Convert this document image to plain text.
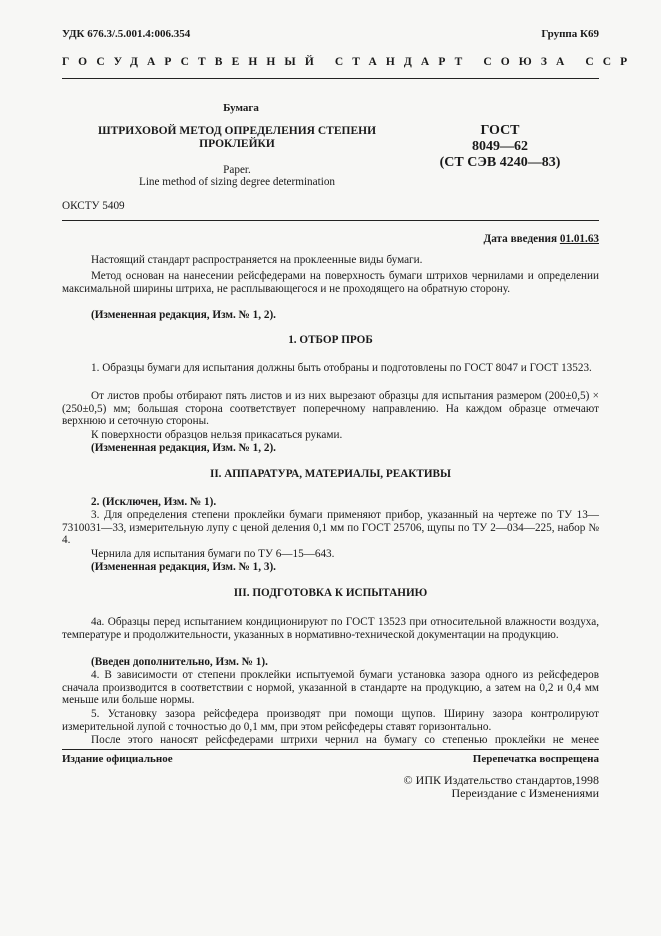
УДК 676.3/.5.001.4:006.354	Группа К69
ГОСУДАРСТВЕННЫЙ СТАНДАРТ СОЮЗА ССР
Бумага
ШТРИХОВОЙ МЕТОД ОПРЕДЕЛЕНИЯ СТЕПЕНИ
ПРОКЛЕЙКИ
Paper.
Line method of sizing degree determination
ГОСТ
8049—62
(СТ СЭВ 4240—83)
ОКСТУ 5409
Дата введения 01.01.63
Настоящий стандарт распространяется на проклеенные виды бумаги.
Метод основан на нанесении рейсфедерами на поверхность бумаги штрихов чернилами и определении максимальной ширины штриха, не расплывающегося и не проходящего на обратную сторону.
(Измененная редакция, Изм. № 1, 2).
1. ОТБОР ПРОБ
1. Образцы бумаги для испытания должны быть отобраны и подготовлены по ГОСТ 8047 и ГОСТ 13523.
От листов пробы отбирают пять листов и из них вырезают образцы для испытания размером (200±0,5) × (250±0,5) мм; большая сторона соответствует поперечному направлению. На каждом образце отмечают верхнюю и сеточную стороны.
К поверхности образцов нельзя прикасаться руками.
(Измененная редакция, Изм. № 1, 2).
II. АППАРАТУРА, МАТЕРИАЛЫ, РЕАКТИВЫ
2. (Исключен, Изм. № 1).
3. Для определения степени проклейки бумаги применяют прибор, указанный на чертеже по ТУ 13—7310031—33, измерительную лупу с ценой деления 0,1 мм по ГОСТ 25706, щупы по ТУ 2—034—225, набор № 4.
Чернила для испытания бумаги по ТУ 6—15—643.
(Измененная редакция, Изм. № 1, 3).
III. ПОДГОТОВКА К ИСПЫТАНИЮ
4а. Образцы перед испытанием кондиционируют по ГОСТ 13523 при относительной влажности воздуха, температуре и продолжительности, указанных в нормативно-технической документации на продукцию.
(Введен дополнительно, Изм. № 1).
4. В зависимости от степени проклейки испытуемой бумаги установка зазора одного из рейсфедеров сначала производится в соответствии с нормой, указанной в стандарте на продукцию, а затем на 0,2 и 0,4 мм меньше или больше нормы.
5. Установку зазора рейсфедера производят при помощи щупов. Ширину зазора контролируют измерительной лупой с точностью до 0,1 мм, при этом рейсфедеры ставят горизонтально.
После этого наносят рейсфедерами штрихи чернил на бумагу со степенью проклейки не менее
Издание официальное	Перепечатка воспрещена
© ИПК Издательство стандартов,1998
Переиздание с Изменениями
